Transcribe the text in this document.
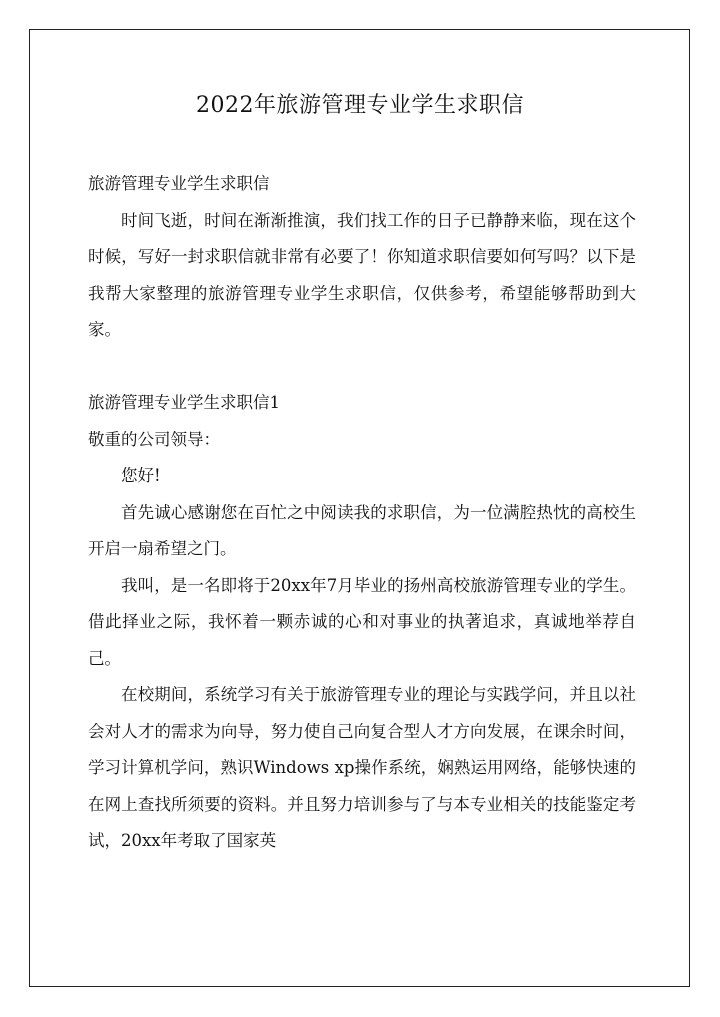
2022年旅游管理专业学生求职信

旅游管理专业学生求职信

时间飞逝，时间在渐渐推演，我们找工作的日子已静静来临，现在这个时候，写好一封求职信就非常有必要了！你知道求职信要如何写吗？以下是我帮大家整理的旅游管理专业学生求职信，仅供参考，希望能够帮助到大家。

旅游管理专业学生求职信1

敬重的公司领导：

您好!

首先诚心感谢您在百忙之中阅读我的求职信，为一位满腔热忱的高校生开启一扇希望之门。

我叫，是一名即将于20xx年7月毕业的扬州高校旅游管理专业的学生。借此择业之际，我怀着一颗赤诚的心和对事业的执著追求，真诚地举荐自己。

在校期间，系统学习有关于旅游管理专业的理论与实践学问，并且以社会对人才的需求为向导，努力使自己向复合型人才方向发展，在课余时间，学习计算机学问，熟识Windows xp操作系统，娴熟运用网络，能够快速的在网上查找所须要的资料。并且努力培训参与了与本专业相关的技能鉴定考试，20xx年考取了国家英
